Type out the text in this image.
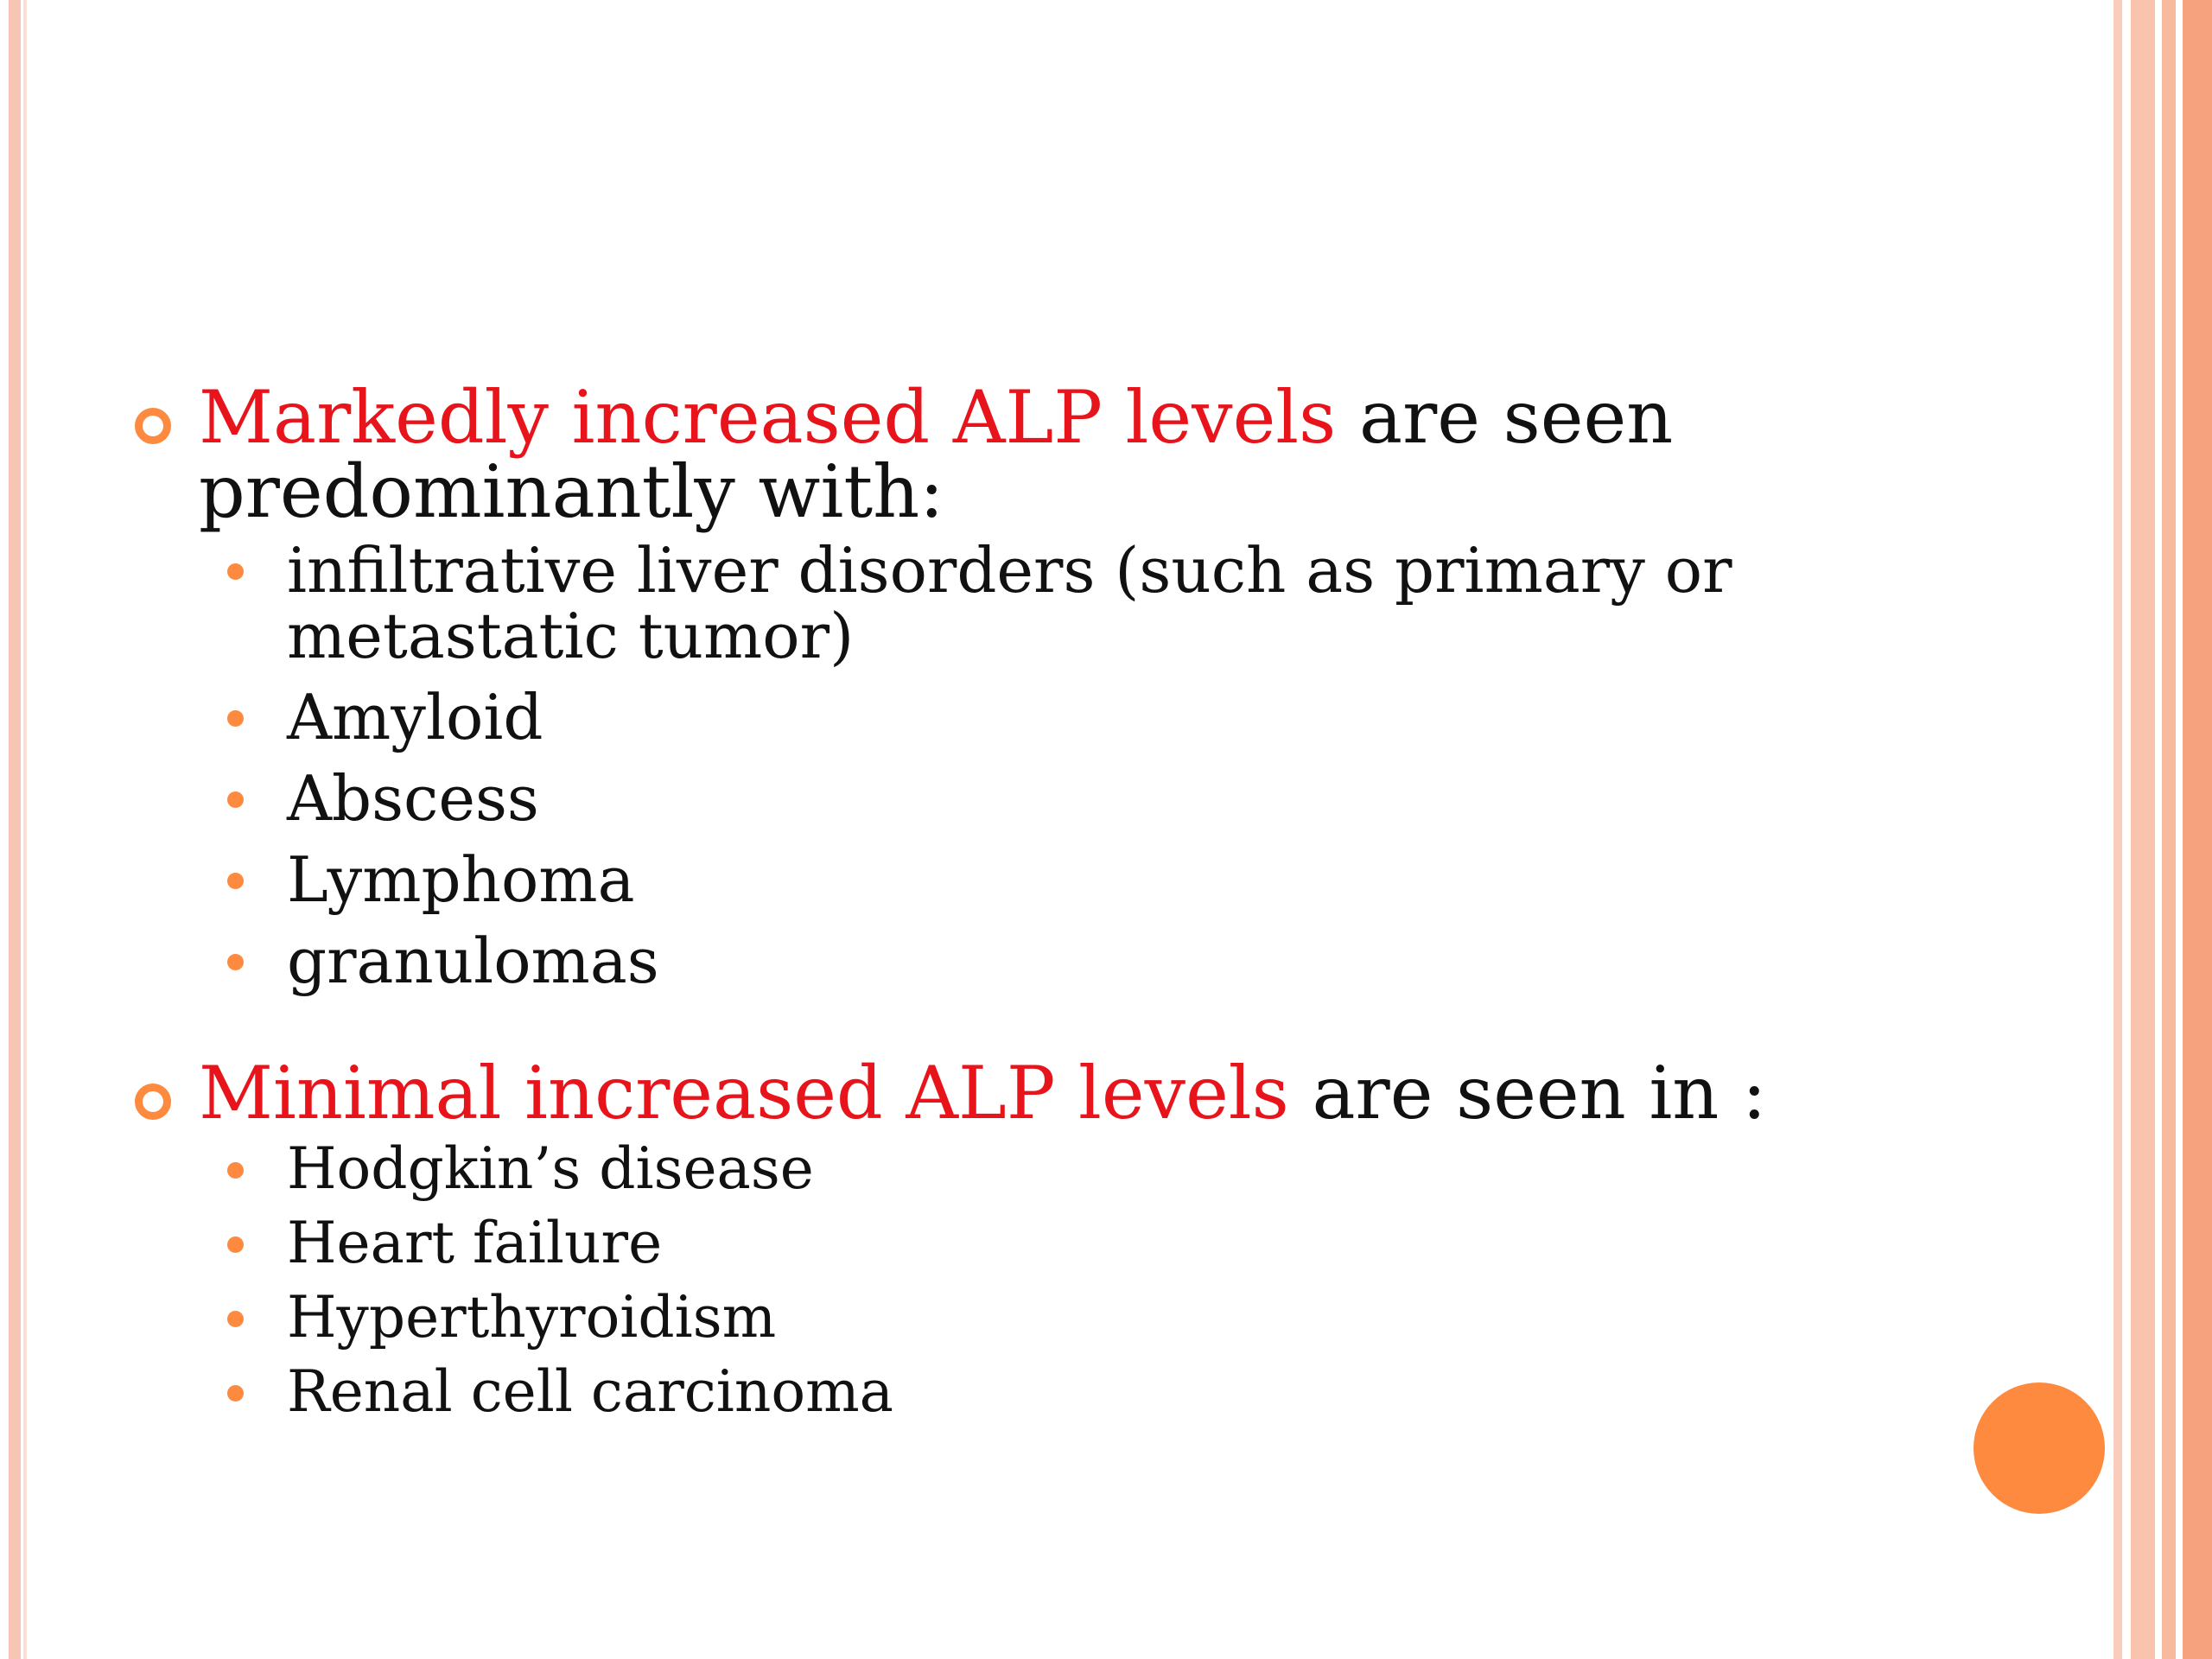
Markedly increased ALP levels are seen predominantly with:
infiltrative liver disorders (such as primary or metastatic tumor)
Amyloid
Abscess
Lymphoma
granulomas
Minimal increased ALP levels are seen in :
Hodgkin’s disease
Heart failure
Hyperthyroidism
Renal cell carcinoma
